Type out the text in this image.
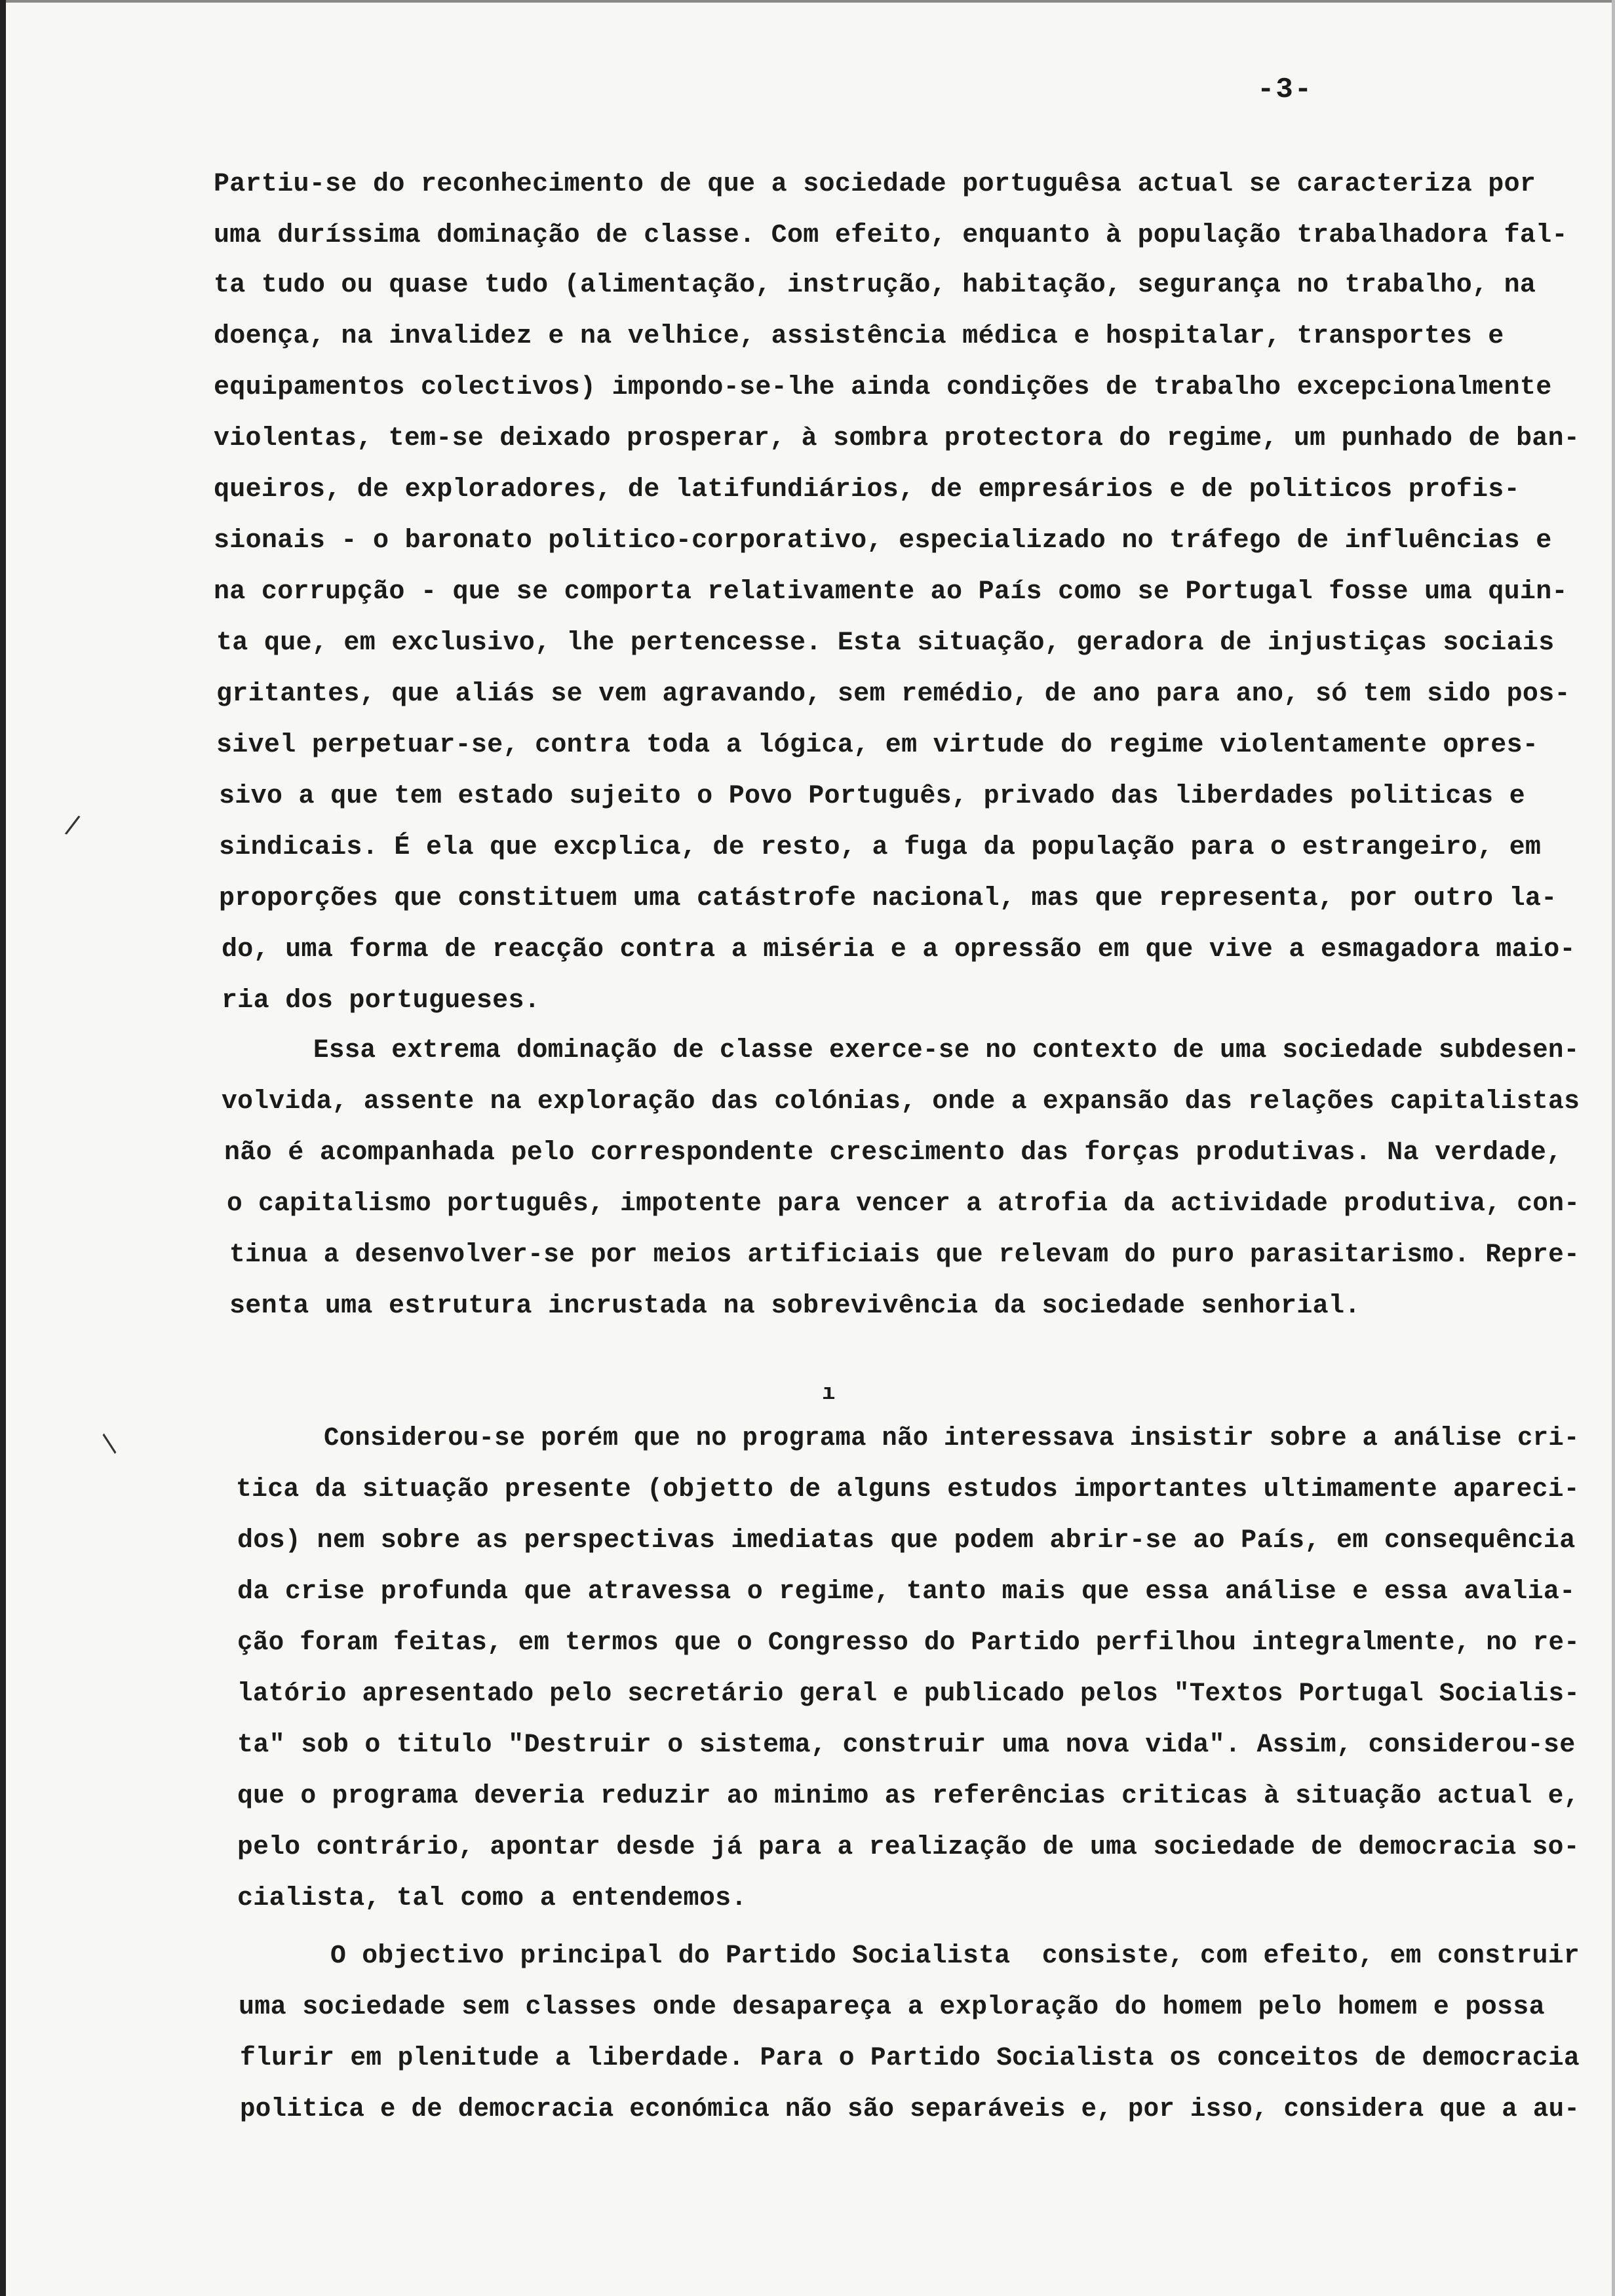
-3-
/
/
Partiu-se do reconhecimento de que a sociedade portuguêsa actual se caracteriza por
uma duríssima dominação de classe. Com efeito, enquanto à população trabalhadora fal-
ta tudo ou quase tudo (alimentação, instrução, habitação, segurança no trabalho, na
doença, na invalidez e na velhice, assistência médica e hospitalar, transportes e
equipamentos colectivos) impondo-se-lhe ainda condições de trabalho excepcionalmente
violentas, tem-se deixado prosperar, à sombra protectora do regime, um punhado de ban-
queiros, de exploradores, de latifundiários, de empresários e de politicos profis-
sionais - o baronato politico-corporativo, especializado no tráfego de influências e
na corrupção - que se comporta relativamente ao País como se Portugal fosse uma quin-
ta que, em exclusivo, lhe pertencesse. Esta situação, geradora de injustiças sociais
gritantes, que aliás se vem agravando, sem remédio, de ano para ano, só tem sido pos-
sivel perpetuar-se, contra toda a lógica, em virtude do regime violentamente opres-
sivo a que tem estado sujeito o Povo Português, privado das liberdades politicas e
sindicais. É ela que excplica, de resto, a fuga da população para o estrangeiro, em
proporções que constituem uma catástrofe nacional, mas que representa, por outro la-
do, uma forma de reacção contra a miséria e a opressão em que vive a esmagadora maio-
ria dos portugueses.
Essa extrema dominação de classe exerce-se no contexto de uma sociedade subdesen-
volvida, assente na exploração das colónias, onde a expansão das relações capitalistas
não é acompanhada pelo correspondente crescimento das forças produtivas. Na verdade,
o capitalismo português, impotente para vencer a atrofia da actividade produtiva, con-
tinua a desenvolver-se por meios artificiais que relevam do puro parasitarismo. Repre-
senta uma estrutura incrustada na sobrevivência da sociedade senhorial.
ı
Considerou-se porém que no programa não interessava insistir sobre a análise cri-
tica da situação presente (objetto de alguns estudos importantes ultimamente apareci-
dos) nem sobre as perspectivas imediatas que podem abrir-se ao País, em consequência
da crise profunda que atravessa o regime, tanto mais que essa análise e essa avalia-
ção foram feitas, em termos que o Congresso do Partido perfilhou integralmente, no re-
latório apresentado pelo secretário geral e publicado pelos "Textos Portugal Socialis-
ta" sob o titulo "Destruir o sistema, construir uma nova vida". Assim, considerou-se
que o programa deveria reduzir ao minimo as referências criticas à situação actual e,
pelo contrário, apontar desde já para a realização de uma sociedade de democracia so-
cialista, tal como a entendemos.
O objectivo principal do Partido Socialista  consiste, com efeito, em construir
uma sociedade sem classes onde desapareça a exploração do homem pelo homem e possa
flurir em plenitude a liberdade. Para o Partido Socialista os conceitos de democracia
politica e de democracia económica não são separáveis e, por isso, considera que a au-
